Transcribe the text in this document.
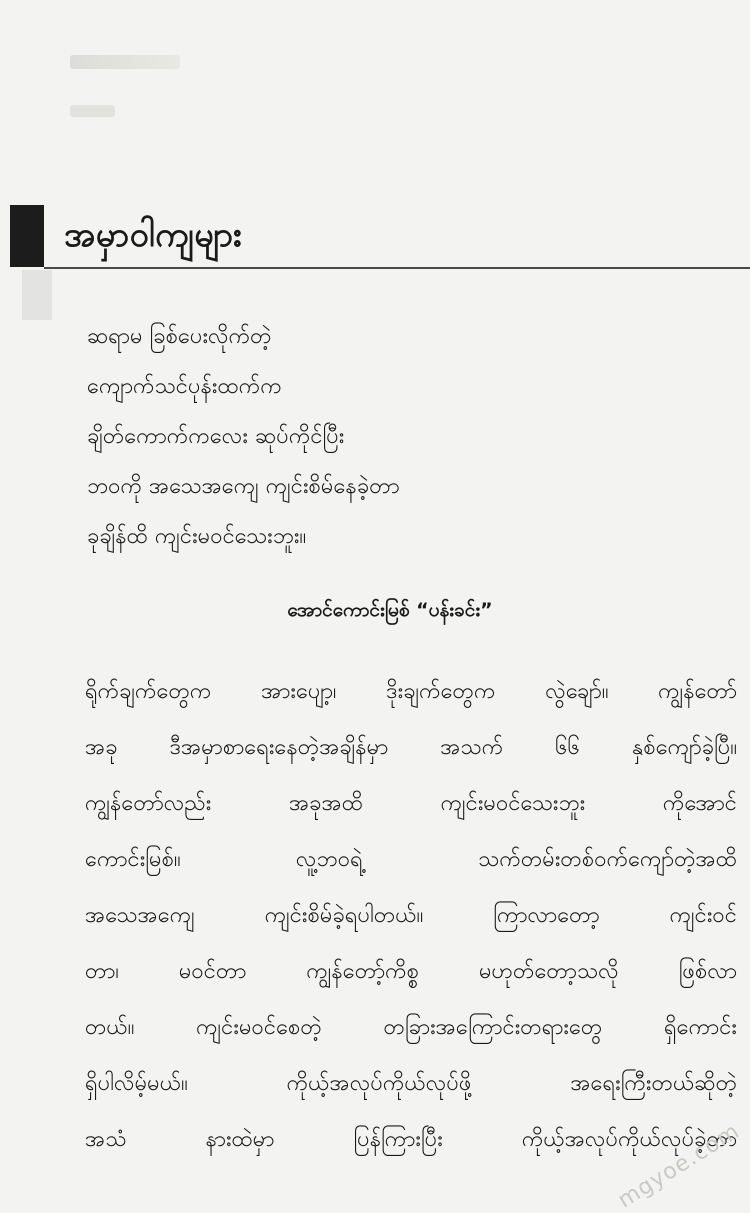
အမှာဝါကျများ
ဆရာမ ခြစ်ပေးလိုက်တဲ့
ကျောက်သင်ပုန်းထက်က
ချိတ်ကောက်ကလေး ဆုပ်ကိုင်ပြီး
ဘဝကို အသေအကျေ ကျင်းစိမ်နေခဲ့တာ
ခုချိန်ထိ ကျင်းမဝင်သေးဘူး။
အောင်ကောင်းမြစ် “ပန်းခင်း”
ရိုက်ချက်တွေက အားပျော့၊ ဒိုးချက်တွေက လွဲချော်။ ကျွန်တော်
အခု ဒီအမှာစာရေးနေတဲ့အချိန်မှာ အသက် ၆၆ နှစ်ကျော်ခဲ့ပြီ။
ကျွန်တော်လည်း အခုအထိ ကျင်းမဝင်သေးဘူး ကိုအောင်
ကောင်းမြစ်။ လူ့ဘဝရဲ့ သက်တမ်းတစ်ဝက်ကျော်တဲ့အထိ
အသေအကျေ ကျင်းစိမ်ခဲ့ရပါတယ်။ ကြာလာတော့ ကျင်းဝင်
တာ၊ မဝင်တာ ကျွန်တော့်ကိစ္စ မဟုတ်တော့သလို ဖြစ်လာ
တယ်။ ကျင်းမဝင်စေတဲ့ တခြားအကြောင်းတရားတွေ ရှိကောင်း
ရှိပါလိမ့်မယ်။ ကိုယ့်အလုပ်ကိုယ်လုပ်ဖို့ အရေးကြီးတယ်ဆိုတဲ့
အသံ နားထဲမှာ ပြန်ကြားပြီး ကိုယ့်အလုပ်ကိုယ်လုပ်ခဲ့တာ
mgyoe.com
